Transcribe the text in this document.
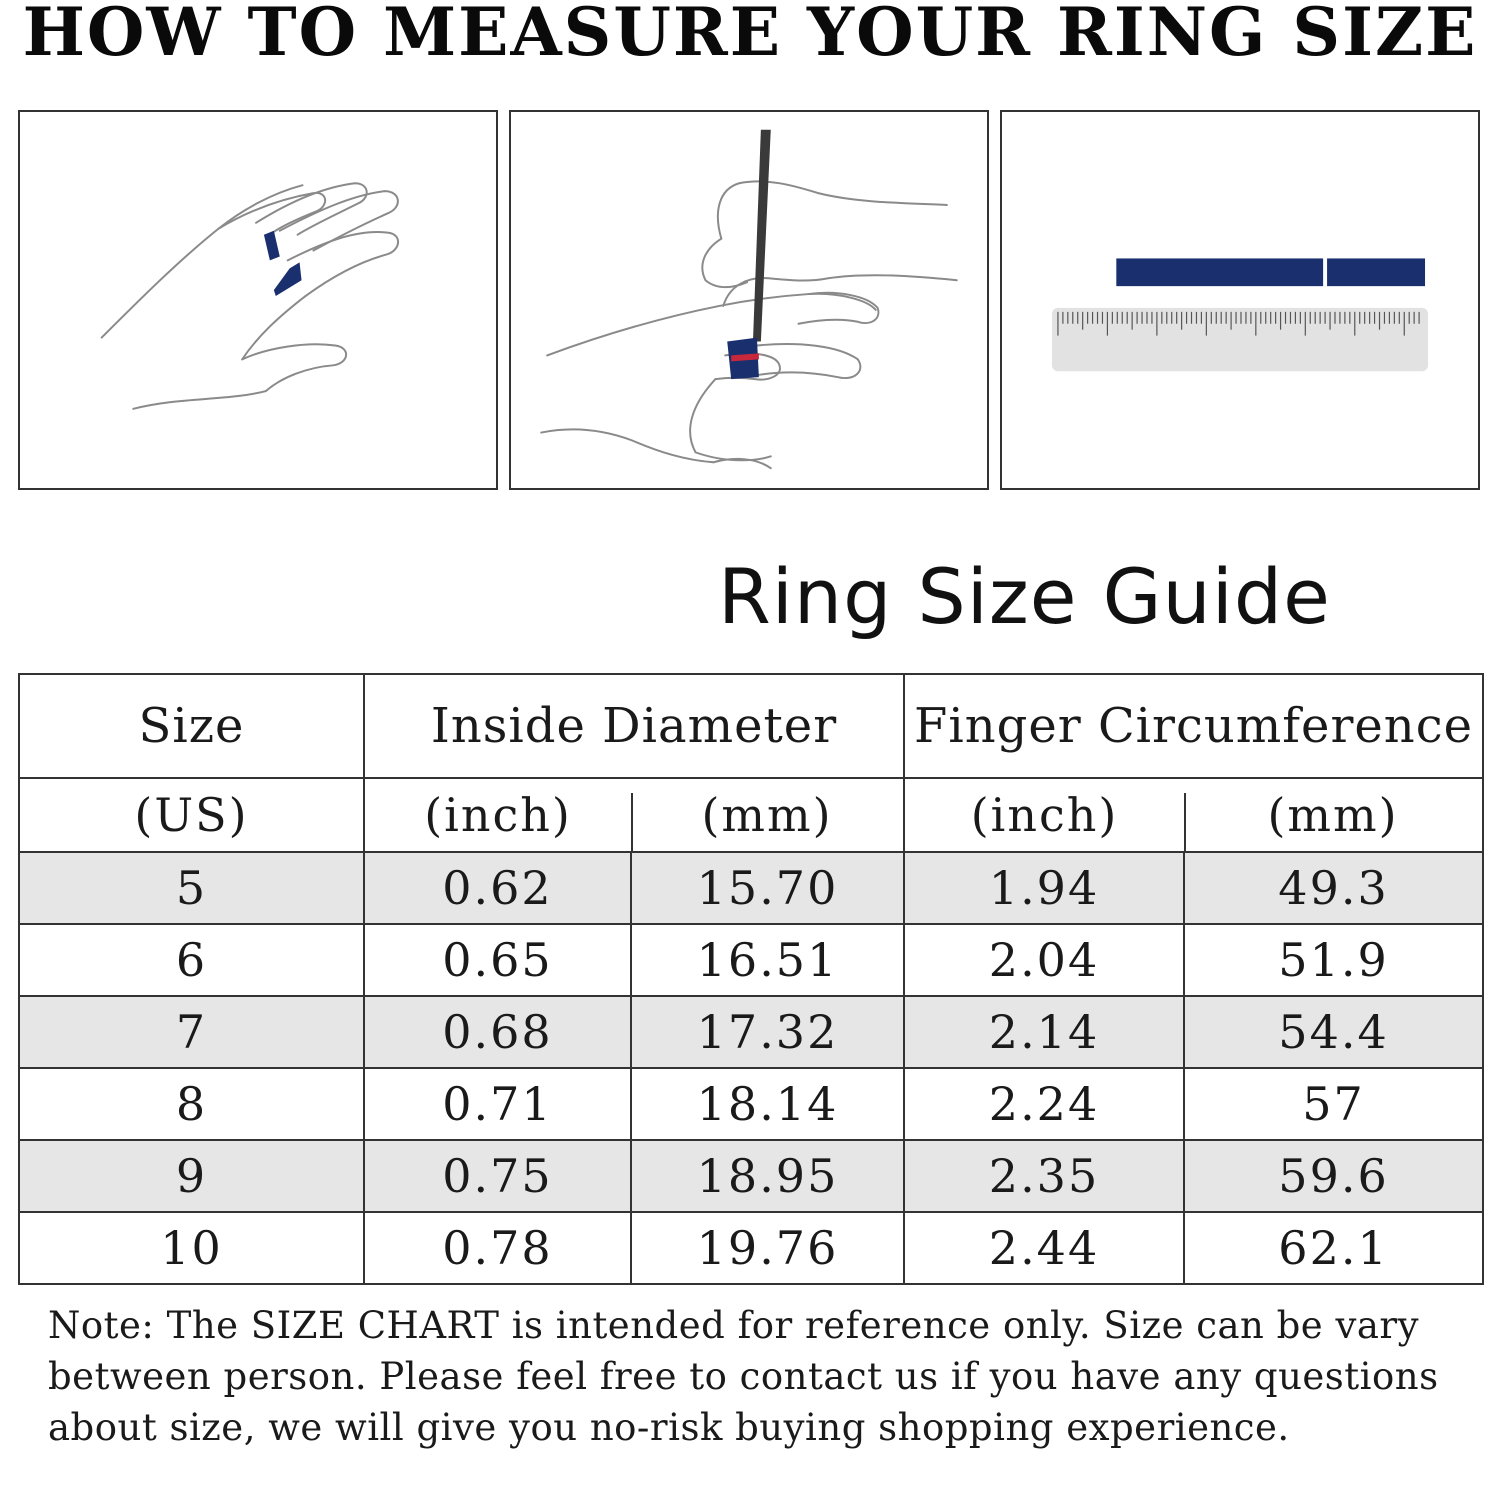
HOW TO MEASURE YOUR RING SIZE
Ring Size Guide
Size	Inside Diameter		Finger Circumference	
(US)	(inch)	(mm)	(inch)	(mm)
5	0.62	15.70	1.94	49.3
6	0.65	16.51	2.04	51.9
7	0.68	17.32	2.14	54.4
8	0.71	18.14	2.24	57
9	0.75	18.95	2.35	59.6
10	0.78	19.76	2.44	62.1

Note: The SIZE CHART is intended for reference only. Size can be vary between person. Please feel free to contact us if you have any questions about size, we will give you no-risk buying shopping experience.
